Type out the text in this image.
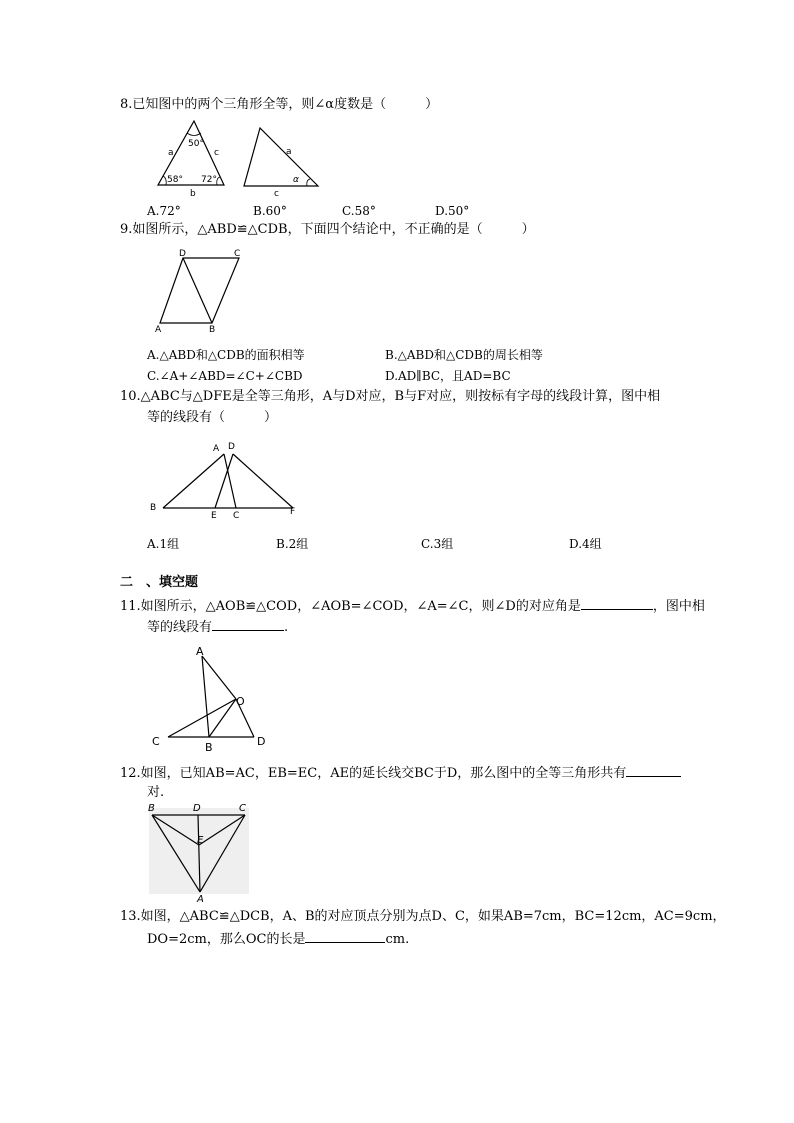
8.已知图中的两个三角形全等，则∠α度数是（　　　）
50°
58° 72°
a	c
b
a
c
α
A.72°	B.60°	C.58°	D.50°
9.如图所示，△ABD≌△CDB，下面四个结论中，不正确的是（　　　）
D	C
A	B
A.△ABD和△CDB的面积相等	B.△ABD和△CDB的周长相等
C.∠A+∠ABD=∠C+∠CBD	D.AD∥BC，且AD=BC
10.△ABC与△DFE是全等三角形，A与D对应，B与F对应，则按标有字母的线段计算，图中相
等的线段有（　　　）
A D
B
E C	F
A.1组	B.2组	C.3组	D.4组
二　、填空题
11.如图所示，△AOB≌△COD，∠AOB=∠COD，∠A=∠C，则∠D的对应角是	，图中相
等的线段有	.
A
O
C	B	D
12.如图，已知AB=AC，EB=EC，AE的延长线交BC于D，那么图中的全等三角形共有
对.
B	D	C
E
A
13.如图，△ABC≌△DCB，A、B的对应顶点分别为点D、C，如果AB=7cm，BC=12cm，AC=9cm，
DO=2cm，那么OC的长是	cm.
